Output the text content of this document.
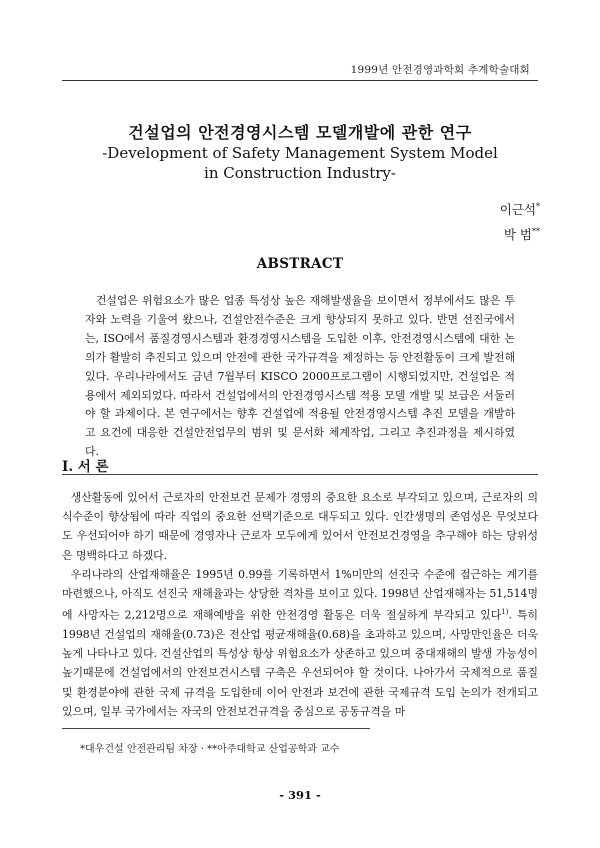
1999년 안전경영과학회 추계학술대회
건설업의 안전경영시스템 모델개발에 관한 연구
-Development of Safety Management System Model
in Construction Industry-
이근석*
박 범**
ABSTRACT
건설업은 위험요소가 많은 업종 특성상 높은 재해발생율을 보이면서 정부에서도 많은 투자와 노력을 기울여 왔으나, 건설안전수준은 크게 향상되지 못하고 있다. 반면 선진국에서는, ISO에서 품질경영시스템과 환경경영시스템을 도입한 이후, 안전경영시스템에 대한 논의가 활발히 추진되고 있으며 안전에 관한 국가규격을 제정하는 등 안전활동이 크게 발전해 있다. 우리나라에서도 금년 7월부터 KISCO 2000프로그램이 시행되었지만, 건설업은 적용에서 제외되었다. 따라서 건설업에서의 안전경영시스템 적용 모델 개발 및 보급은 서둘러야 할 과제이다. 본 연구에서는 향후 건설업에 적용될 안전경영시스템 추진 모델을 개발하고 요건에 대응한 건설안전업무의 범위 및 문서화 체계작업, 그리고 추진과정을 제시하였다.
I. 서 론

생산활동에 있어서 근로자의 안전보건 문제가 경영의 중요한 요소로 부각되고 있으며, 근로자의 의식수준이 향상됨에 따라 직업의 중요한 선택기준으로 대두되고 있다. 인간생명의 존엄성은 무엇보다도 우선되어야 하기 때문에 경영자나 근로자 모두에게 있어서 안전보건경영을 추구해야 하는 당위성은 명백하다고 하겠다.

우리나라의 산업재해율은 1995년 0.99를 기록하면서 1%미만의 선진국 수준에 접근하는 계기를 마련했으나, 아직도 선진국 재해율과는 상당한 격차를 보이고 있다. 1998년 산업재해자는 51,514명에 사망자는 2,212명으로 재해예방을 위한 안전경영 활동은 더욱 절실하게 부각되고 있다$^{1)}$. 특히 1998년 건설업의 재해율(0.73)은 전산업 평균재해율(0.68)을 초과하고 있으며, 사망만인율은 더욱 높게 나타나고 있다. 건설산업의 특성상 항상 위험요소가 상존하고 있으며 중대재해의 발생 가능성이 높기때문에 건설업에서의 안전보건시스템 구축은 우선되어야 할 것이다. 나아가서 국제적으로 품질 및 환경분야에 관한 국제 규격을 도입한데 이어 안전과 보건에 관한 국제규격 도입 논의가 전개되고 있으며, 일부 국가에서는 자국의 안전보건규격을 중심으로 공동규격을 마

*대우건설 안전관리팀 차장 · **아주대학교 산업공학과 교수
- 391 -
